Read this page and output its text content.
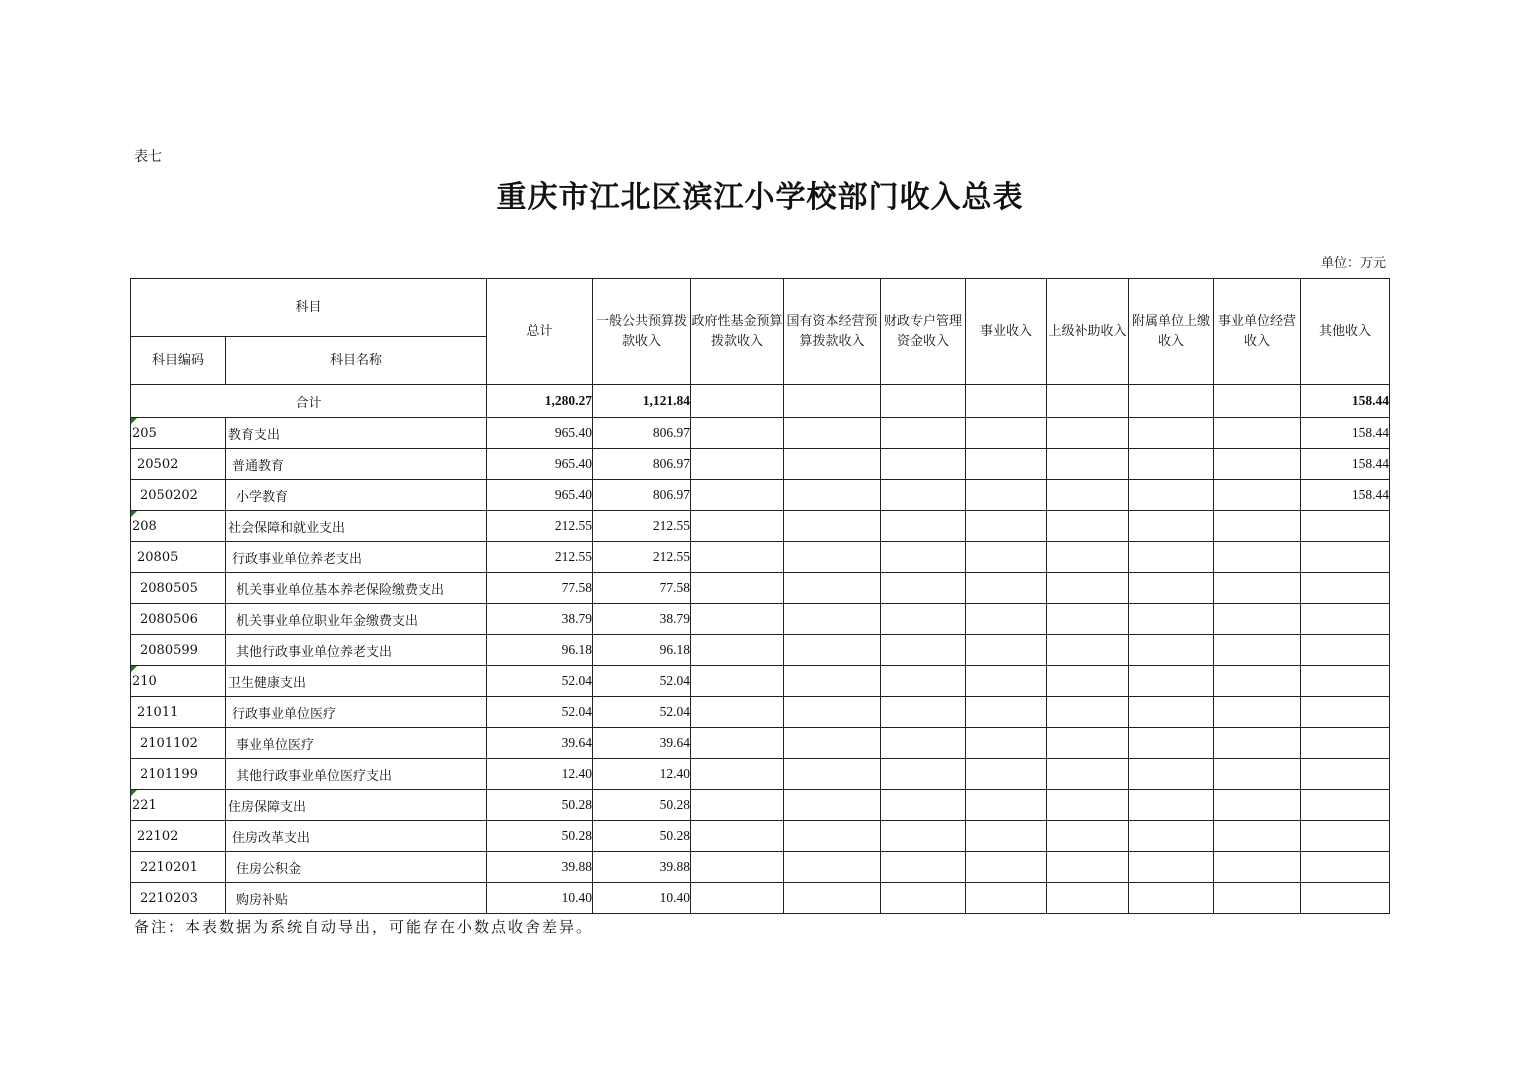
表七
重庆市江北区滨江小学校部门收入总表
单位：万元
科目		总计	一般公共预算拨款收入	政府性基金预算拨款收入	国有资本经营预算拨款收入	财政专户管理资金收入	事业收入	上级补助收入	附属单位上缴收入	事业单位经营收入	其他收入
科目编码	科目名称										
合计		1,280.27	1,121.84								158.44

205	教育支出	965.40	806.97								158.44
20502	普通教育	965.40	806.97								158.44
2050202	小学教育	965.40	806.97								158.44

208	社会保障和就业支出	212.55	212.55								
20805	行政事业单位养老支出	212.55	212.55								
2080505	机关事业单位基本养老保险缴费支出	77.58	77.58								
2080506	机关事业单位职业年金缴费支出	38.79	38.79								
2080599	其他行政事业单位养老支出	96.18	96.18								

210	卫生健康支出	52.04	52.04								
21011	行政事业单位医疗	52.04	52.04								
2101102	事业单位医疗	39.64	39.64								
2101199	其他行政事业单位医疗支出	12.40	12.40								

221	住房保障支出	50.28	50.28								
22102	住房改革支出	50.28	50.28								
2210201	住房公积金	39.88	39.88								
2210203	购房补贴	10.40	10.40								
备注：本表数据为系统自动导出，可能存在小数点收舍差异。
